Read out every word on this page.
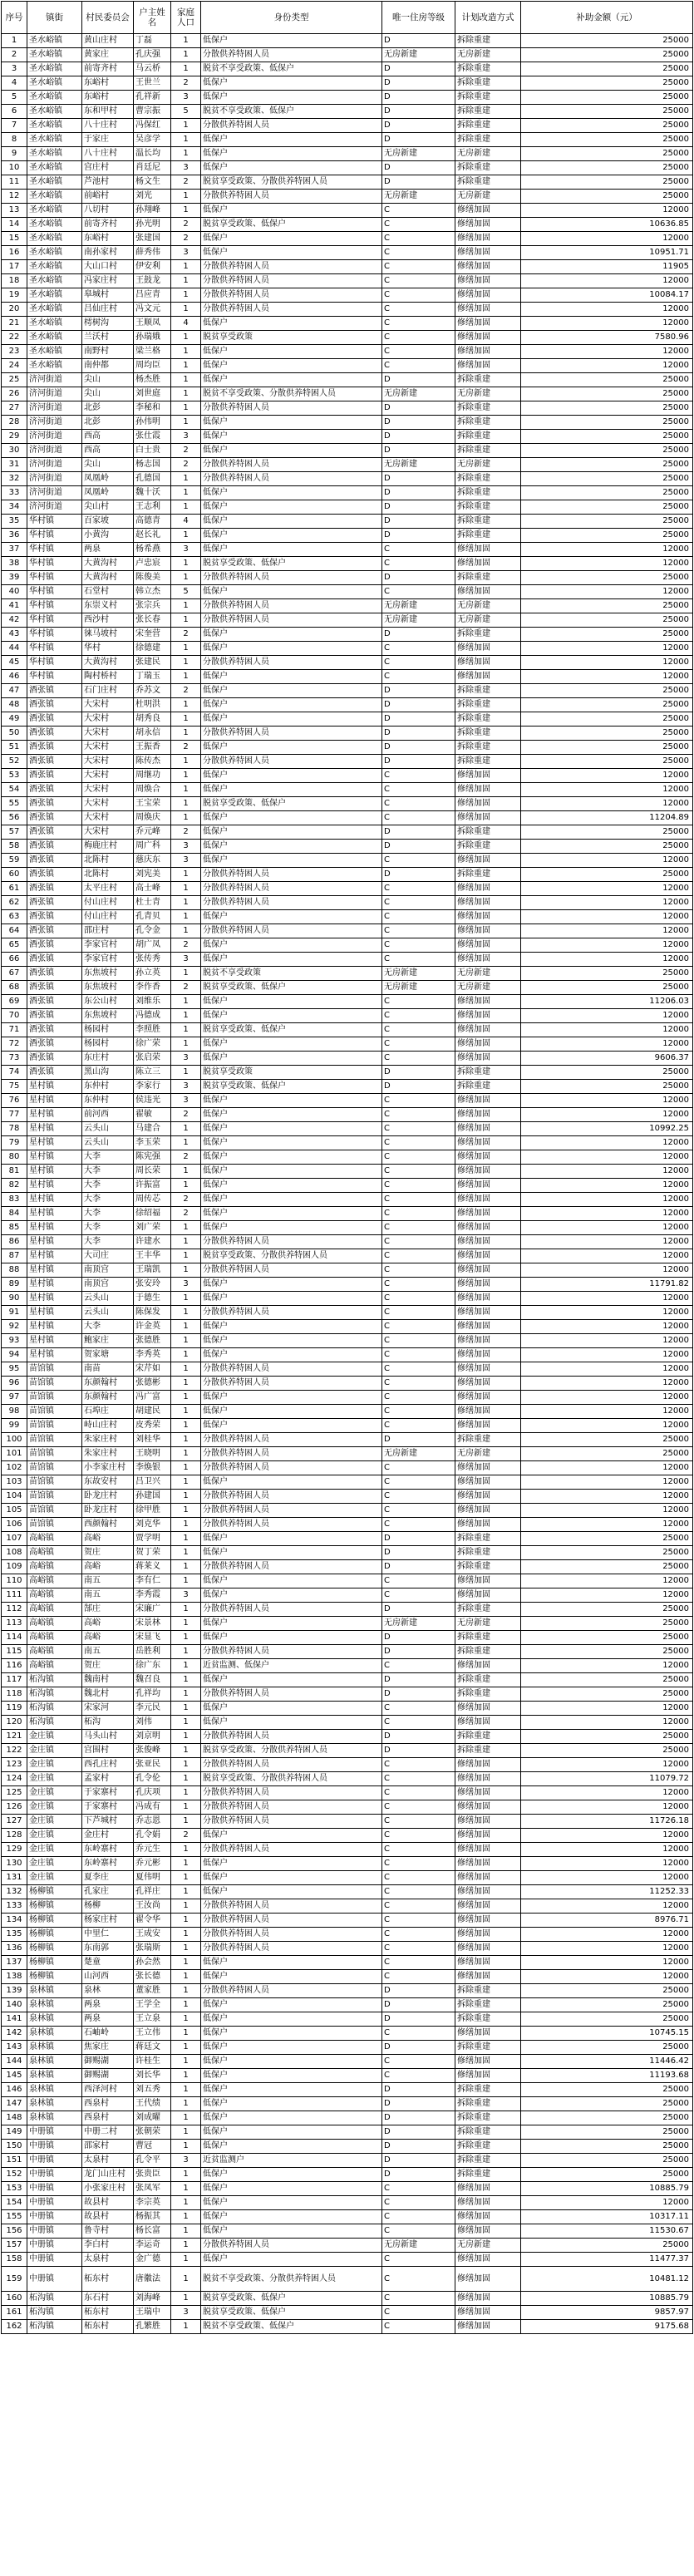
序号	镇街	村民委员会	户主姓名	家庭人口	身份类型	唯一住房等级	计划改造方式	补助金额（元）
1	圣水峪镇	黄山庄村	丁磊	1	低保户	D	拆除重建	25000
2	圣水峪镇	黄家庄	孔庆强	1	分散供养特困人员	无房新建	无房新建	25000
3	圣水峪镇	前寄齐村	马云桥	1	脱贫不享受政策、低保户	D	拆除重建	25000
4	圣水峪镇	东峪村	王世兰	2	低保户	D	拆除重建	25000
5	圣水峪镇	东峪村	孔祥新	3	低保户	D	拆除重建	25000
6	圣水峪镇	东和甲村	曹宗振	5	脱贫不享受政策、低保户	D	拆除重建	25000
7	圣水峪镇	八十庄村	冯保红	1	分散供养特困人员	D	拆除重建	25000
8	圣水峪镇	于家庄	吴彦学	1	低保户	D	拆除重建	25000
9	圣水峪镇	八十庄村	温长均	1	低保户	无房新建	无房新建	25000
10	圣水峪镇	宫庄村	肖廷尼	3	低保户	D	拆除重建	25000
11	圣水峪镇	芦池村	杨文生	2	脱贫享受政策、分散供养特困人员	D	拆除重建	25000
12	圣水峪镇	前峪村	刘光	1	分散供养特困人员	无房新建	无房新建	25000
13	圣水峪镇	八切村	孙翔峰	1	低保户	C	修缮加固	12000
14	圣水峪镇	前寄齐村	孙光明	2	脱贫享受政策、低保户	C	修缮加固	10636.85
15	圣水峪镇	东峪村	张建国	2	低保户	C	修缮加固	12000
16	圣水峪镇	南孙家村	薛秀伟	3	低保户	C	修缮加固	10951.71
17	圣水峪镇	大山口村	伊安利	1	分散供养特困人员	C	修缮加固	11905
18	圣水峪镇	冯家庄村	王鼓龙	1	分散供养特困人员	C	修缮加固	12000
19	圣水峪镇	皋城村	吕应青	1	分散供养特困人员	C	修缮加固	10084.17
20	圣水峪镇	吕仙庄村	冯文元	1	分散供养特困人员	C	修缮加固	12000
21	圣水峪镇	樗树沟	王顺凤	4	低保户	C	修缮加固	12000
22	圣水峪镇	兰沃村	孙瑞娥	1	脱贫享受政策	C	修缮加固	7580.96
23	圣水峪镇	南野村	梁兰格	1	低保户	C	修缮加固	12000
24	圣水峪镇	南仲都	周均臣	1	低保户	C	修缮加固	12000
25	济河街道	尖山	杨杰胜	1	低保户	D	拆除重建	25000
26	济河街道	尖山	刘世庭	1	脱贫不享受政策、分散供养特困人员	无房新建	无房新建	25000
27	济河街道	北彭	李秘和	1	分散供养特困人员	D	拆除重建	25000
28	济河街道	北彭	孙伟明	1	低保户	D	拆除重建	25000
29	济河街道	西高	张仕霞	3	低保户	D	拆除重建	25000
30	济河街道	西高	白士贵	2	低保户	D	拆除重建	25000
31	济河街道	尖山	杨志国	2	分散供养特困人员	无房新建	无房新建	25000
32	济河街道	凤凰岭	孔德国	1	分散供养特困人员	D	拆除重建	25000
33	济河街道	凤凰岭	魏十沃	1	低保户	D	拆除重建	25000
34	济河街道	尖山村	王志利	1	低保户	D	拆除重建	25000
35	华村镇	百家坡	高德青	4	低保户	D	拆除重建	25000
36	华村镇	小黄沟	赵长礼	1	低保户	D	拆除重建	25000
37	华村镇	两泉	杨希燕	3	低保户	C	修缮加固	12000
38	华村镇	大黄沟村	卢忠宸	1	脱贫享受政策、低保户	C	修缮加固	12000
39	华村镇	大黄沟村	陈俊美	1	分散供养特困人员	D	拆除重建	25000
40	华村镇	石堂村	韩立杰	5	低保户	C	修缮加固	12000
41	华村镇	东崇义村	张宗兵	1	分散供养特困人员	无房新建	无房新建	25000
42	华村镇	西沙村	张长春	1	分散供养特困人员	无房新建	无房新建	25000
43	华村镇	徕马坡村	宋奎营	2	低保户	D	拆除重建	25000
44	华村镇	华村	徐德建	1	低保户	C	修缮加固	12000
45	华村镇	大黄沟村	张建民	1	分散供养特困人员	C	修缮加固	12000
46	华村镇	陶村桥村	丁瑞玉	1	低保户	C	修缮加固	12000
47	酒张镇	石门庄村	乔苏文	2	低保户	D	拆除重建	25000
48	酒张镇	大宋村	杜明洪	1	低保户	D	拆除重建	25000
49	酒张镇	大宋村	胡秀良	1	低保户	D	拆除重建	25000
50	酒张镇	大宋村	胡永信	1	分散供养特困人员	D	拆除重建	25000
51	酒张镇	大宋村	王振香	2	低保户	D	拆除重建	25000
52	酒张镇	大宋村	陈传杰	1	分散供养特困人员	D	拆除重建	25000
53	酒张镇	大宋村	周继功	1	低保户	C	修缮加固	12000
54	酒张镇	大宋村	周焕合	1	低保户	C	修缮加固	12000
55	酒张镇	大宋村	王宝荣	1	脱贫享受政策、低保户	C	修缮加固	12000
56	酒张镇	大宋村	周焕庆	1	低保户	C	修缮加固	11204.89
57	酒张镇	大宋村	乔元峰	2	低保户	D	拆除重建	25000
58	酒张镇	梅鹿庄村	周广科	3	低保户	D	拆除重建	25000
59	酒张镇	北陈村	慈庆东	3	低保户	C	修缮加固	12000
60	酒张镇	北陈村	刘宪美	1	分散供养特困人员	D	拆除重建	25000
61	酒张镇	太平庄村	高士峰	1	分散供养特困人员	C	修缮加固	12000
62	酒张镇	付山庄村	杜士青	1	分散供养特困人员	C	修缮加固	12000
63	酒张镇	付山庄村	孔青贝	1	低保户	C	修缮加固	12000
64	酒张镇	邵庄村	孔令金	1	分散供养特困人员	C	修缮加固	12000
65	酒张镇	李家官村	胡广凤	2	低保户	C	修缮加固	12000
66	酒张镇	李家官村	张传秀	3	低保户	C	修缮加固	12000
67	酒张镇	东焦坡村	孙立英	1	脱贫不享受政策	无房新建	无房新建	25000
68	酒张镇	东焦坡村	李作香	2	脱贫享受政策、低保户	无房新建	无房新建	25000
69	酒张镇	东公山村	刘维乐	1	低保户	C	修缮加固	11206.03
70	酒张镇	东焦坡村	冯德成	1	低保户	C	修缮加固	12000
71	酒张镇	杨园村	李照胜	1	脱贫享受政策、低保户	C	修缮加固	12000
72	酒张镇	杨园村	徐广荣	1	低保户	C	修缮加固	12000
73	酒张镇	东庄村	张启荣	3	低保户	C	修缮加固	9606.37
74	酒张镇	黑山沟	陈立三	1	脱贫享受政策	D	拆除重建	25000
75	星村镇	东仲村	李家行	3	脱贫享受政策、低保户	D	拆除重建	25000
76	星村镇	东仲村	侯违光	3	低保户	C	修缮加固	12000
77	星村镇	前河西	翟敏	2	低保户	C	修缮加固	12000
78	星村镇	云头山	马建合	1	低保户	C	修缮加固	10992.25
79	星村镇	云头山	李玉荣	1	低保户	C	修缮加固	12000
80	星村镇	大李	陈宪强	2	低保户	C	修缮加固	12000
81	星村镇	大李	周长荣	1	低保户	C	修缮加固	12000
82	星村镇	大李	许振富	1	低保户	C	修缮加固	12000
83	星村镇	大李	周传芯	2	低保户	C	修缮加固	12000
84	星村镇	大李	徐绍福	2	低保户	C	修缮加固	12000
85	星村镇	大李	刘广荣	1	低保户	C	修缮加固	12000
86	星村镇	大李	许建水	1	分散供养特困人员	C	修缮加固	12000
87	星村镇	大司庄	王丰华	1	脱贫享受政策、分散供养特困人员	C	修缮加固	12000
88	星村镇	南顶宫	王瑞凯	1	分散供养特困人员	C	修缮加固	12000
89	星村镇	南顶宫	张安玲	3	低保户	C	修缮加固	11791.82
90	星村镇	云头山	于德生	1	低保户	C	修缮加固	12000
91	星村镇	云头山	陈保发	1	分散供养特困人员	C	修缮加固	12000
92	星村镇	大李	许金英	1	低保户	C	修缮加固	12000
93	星村镇	鲍家庄	张德胜	1	低保户	C	修缮加固	12000
94	星村镇	贺家塘	李秀英	1	低保户	C	修缮加固	12000
95	苗馆镇	南苗	宋芹如	1	分散供养特困人员	C	修缮加固	12000
96	苗馆镇	东颜翰村	张德彬	1	分散供养特困人员	C	修缮加固	12000
97	苗馆镇	东颜翰村	冯广富	1	低保户	C	修缮加固	12000
98	苗馆镇	石埠庄	胡建民	1	低保户	C	修缮加固	12000
99	苗馆镇	峙山庄村	皮秀荣	1	低保户	C	修缮加固	12000
100	苗馆镇	朱家庄村	刘桂华	1	分散供养特困人员	D	拆除重建	25000
101	苗馆镇	朱家庄村	王晓明	1	分散供养特困人员	无房新建	无房新建	25000
102	苗馆镇	小李家庄村	李焕银	1	分散供养特困人员	C	修缮加固	12000
103	苗馆镇	东故安村	吕卫兴	1	低保户	C	修缮加固	12000
104	苗馆镇	卧龙庄村	孙建国	1	分散供养特困人员	C	修缮加固	12000
105	苗馆镇	卧龙庄村	徐甲胜	1	分散供养特困人员	C	修缮加固	12000
106	苗馆镇	西颜翰村	刘克华	1	分散供养特困人员	C	修缮加固	12000
107	高峪镇	高峪	贾学明	1	低保户	D	拆除重建	25000
108	高峪镇	贺庄	贺丁荣	1	低保户	D	拆除重建	25000
109	高峪镇	高峪	蒋莱义	1	分散供养特困人员	D	拆除重建	25000
110	高峪镇	南五	李有仁	1	低保户	C	修缮加固	12000
111	高峪镇	南五	李秀霞	3	低保户	C	修缮加固	12000
112	高峪镇	郜庄	宋廉广	1	分散供养特困人员	D	拆除重建	25000
113	高峪镇	高峪	宋景林	1	低保户	无房新建	无房新建	25000
114	高峪镇	高峪	宋显飞	1	低保户	D	拆除重建	25000
115	高峪镇	南五	岳胜利	1	分散供养特困人员	D	拆除重建	25000
116	高峪镇	贺庄	徐广东	1	近贫监测、低保户	C	修缮加固	12000
117	柘沟镇	魏南村	魏召良	1	低保户	D	拆除重建	25000
118	柘沟镇	魏北村	孔祥均	1	分散供养特困人员	D	拆除重建	25000
119	柘沟镇	宋家河	李元民	1	低保户	C	修缮加固	12000
120	柘沟镇	柘沟	刘伟	1	低保户	C	修缮加固	12000
121	金庄镇	马头山村	刘京明	1	分散供养特困人员	D	拆除重建	25000
122	金庄镇	宫围村	张俊峰	1	脱贫享受政策、分散供养特困人员	D	拆除重建	25000
123	金庄镇	西孔庄村	张亚民	1	分散供养特困人员	C	修缮加固	12000
124	金庄镇	孟家村	孔令伦	1	脱贫享受政策、分散供养特困人员	C	修缮加固	11079.72
125	金庄镇	于家寨村	孔庆项	1	分散供养特困人员	C	修缮加固	12000
126	金庄镇	于家寨村	冯成有	1	分散供养特困人员	C	修缮加固	12000
127	金庄镇	下芦城村	乔志恩	1	分散供养特困人员	C	修缮加固	11726.18
128	金庄镇	金庄村	孔令娟	2	低保户	C	修缮加固	12000
129	金庄镇	东岭寨村	乔元生	1	分散供养特困人员	C	修缮加固	12000
130	金庄镇	东岭寨村	乔元彬	1	低保户	C	修缮加固	12000
131	金庄镇	夏李庄	夏伟明	1	低保户	C	修缮加固	12000
132	杨柳镇	孔家庄	孔祥庄	1	低保户	C	修缮加固	11252.33
133	杨柳镇	杨柳	王汝尚	1	分散供养特困人员	C	修缮加固	12000
134	杨柳镇	杨家庄村	翟令华	1	分散供养特困人员	C	修缮加固	8976.71
135	杨柳镇	中里仁	王成安	1	分散供养特困人员	C	修缮加固	12000
136	杨柳镇	东南郭	张瑞斯	1	分散供养特困人员	C	修缮加固	12000
137	杨柳镇	楚童	孙会然	1	低保户	C	修缮加固	12000
138	杨柳镇	山河西	张长德	1	低保户	C	修缮加固	12000
139	泉林镇	泉林	董家胜	1	分散供养特困人员	D	拆除重建	25000
140	泉林镇	两泉	王学全	1	低保户	D	拆除重建	25000
141	泉林镇	两泉	王立泉	1	低保户	D	拆除重建	25000
142	泉林镇	石岫岭	王立伟	1	低保户	C	修缮加固	10745.15
143	泉林镇	焦家庄	蒋廷文	1	低保户	D	拆除重建	25000
144	泉林镇	御赐湖	许桂生	1	低保户	C	修缮加固	11446.42
145	泉林镇	御赐湖	刘长华	1	低保户	C	修缮加固	11193.68
146	泉林镇	西泽河村	刘五秀	1	低保户	D	拆除重建	25000
147	泉林镇	西泉村	王代绩	1	低保户	D	拆除重建	25000
148	泉林镇	西泉村	刘成曜	1	低保户	D	拆除重建	25000
149	中册镇	中册二村	张朝荣	1	低保户	D	拆除重建	25000
150	中册镇	邵家村	曹冠	1	低保户	D	拆除重建	25000
151	中册镇	太泉村	孔令平	3	近贫监测户	D	拆除重建	25000
152	中册镇	龙门山庄村	张贵臣	1	低保户	D	拆除重建	25000
153	中册镇	小张家庄村	张凤军	1	低保户	C	修缮加固	10885.79
154	中册镇	故县村	李宗英	1	低保户	C	修缮加固	12000
155	中册镇	故县村	杨振其	1	低保户	C	修缮加固	10317.11
156	中册镇	鲁寺村	杨长富	1	低保户	C	修缮加固	11530.67
157	中册镇	李白村	李运奇	1	分散供养特困人员	无房新建	无房新建	25000
158	中册镇	太泉村	金广德	1	低保户	C	修缮加固	11477.37
159	中册镇	柘东村	唐徽法	1	脱贫不享受政策、分散供养特困人员	C	修缮加固	10481.12
160	柘沟镇	东石村	刘海峰	1	脱贫享受政策、低保户	C	修缮加固	10885.79
161	柘沟镇	柘东村	王瑞中	3	脱贫享受政策、低保户	C	修缮加固	9857.97
162	柘沟镇	柘东村	孔繁胜	1	脱贫不享受政策、低保户	C	修缮加固	9175.68
